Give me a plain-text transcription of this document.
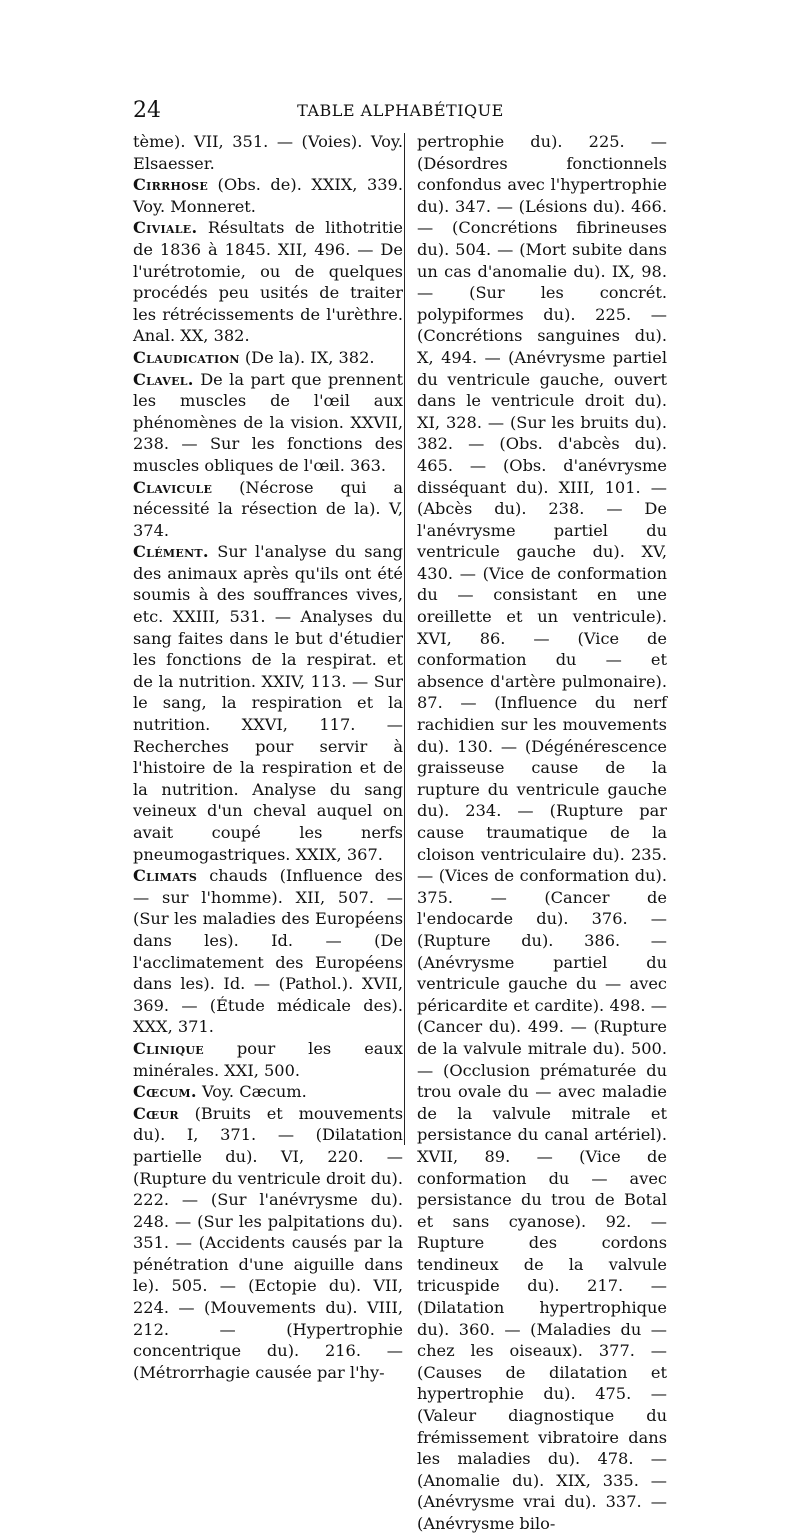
24	TABLE ALPHABÉTIQUE

tème). VII, 351. — (Voies). Voy. Elsaesser.

Cirrhose (Obs. de). XXIX, 339. Voy. Monneret.

Civiale. Résultats de lithotritie de 1836 à 1845. XII, 496. — De l'urétrotomie, ou de quelques procédés peu usités de traiter les rétrécissements de l'urèthre. Anal. XX, 382.

Claudication (De la). IX, 382.

Clavel. De la part que prennent les muscles de l'œil aux phénomènes de la vision. XXVII, 238. — Sur les fonctions des muscles obliques de l'œil. 363.

Clavicule (Nécrose qui a nécessité la résection de la). V, 374.

Clément. Sur l'analyse du sang des animaux après qu'ils ont été soumis à des souffrances vives, etc. XXIII, 531. — Analyses du sang faites dans le but d'étudier les fonctions de la respirat. et de la nutrition. XXIV, 113. — Sur le sang, la respiration et la nutrition. XXVI, 117. — Recherches pour servir à l'histoire de la respiration et de la nutrition. Analyse du sang veineux d'un cheval auquel on avait coupé les nerfs pneumogastriques. XXIX, 367.

Climats chauds (Influence des — sur l'homme). XII, 507. — (Sur les maladies des Européens dans les). Id. — (De l'acclimatement des Européens dans les). Id. — (Pathol.). XVII, 369. — (Étude médicale des). XXX, 371.

Clinique pour les eaux minérales. XXI, 500.

Cœcum. Voy. Cæcum.

Cœur (Bruits et mouvements du). I, 371. — (Dilatation partielle du). VI, 220. — (Rupture du ventricule droit du). 222. — (Sur l'anévrysme du). 248. — (Sur les palpitations du). 351. — (Accidents causés par la pénétration d'une aiguille dans le). 505. — (Ectopie du). VII, 224. — (Mouvements du). VIII, 212. — (Hypertrophie concentrique du). 216. — (Métrorrhagie causée par l'hy-

pertrophie du). 225. — (Désordres fonctionnels confondus avec l'hypertrophie du). 347. — (Lésions du). 466. — (Concrétions fibrineuses du). 504. — (Mort subite dans un cas d'anomalie du). IX, 98. — (Sur les concrét. polypiformes du). 225. — (Concrétions sanguines du). X, 494. — (Anévrysme partiel du ventricule gauche, ouvert dans le ventricule droit du). XI, 328. — (Sur les bruits du). 382. — (Obs. d'abcès du). 465. — (Obs. d'anévrysme disséquant du). XIII, 101. — (Abcès du). 238. — De l'anévrysme partiel du ventricule gauche du). XV, 430. — (Vice de conformation du — consistant en une oreillette et un ventricule). XVI, 86. — (Vice de conformation du — et absence d'artère pulmonaire). 87. — (Influence du nerf rachidien sur les mouvements du). 130. — (Dégénérescence graisseuse cause de la rupture du ventricule gauche du). 234. — (Rupture par cause traumatique de la cloison ventriculaire du). 235. — (Vices de conformation du). 375. — (Cancer de l'endocarde du). 376. — (Rupture du). 386. — (Anévrysme partiel du ventricule gauche du — avec péricardite et cardite). 498. — (Cancer du). 499. — (Rupture de la valvule mitrale du). 500. — (Occlusion prématurée du trou ovale du — avec maladie de la valvule mitrale et persistance du canal artériel). XVII, 89. — (Vice de conformation du — avec persistance du trou de Botal et sans cyanose). 92. — Rupture des cordons tendineux de la valvule tricuspide du). 217. — (Dilatation hypertrophique du). 360. — (Maladies du — chez les oiseaux). 377. — (Causes de dilatation et hypertrophie du). 475. — (Valeur diagnostique du frémissement vibratoire dans les maladies du). 478. — (Anomalie du). XIX, 335. — (Anévrysme vrai du). 337. — (Anévrysme bilo-
